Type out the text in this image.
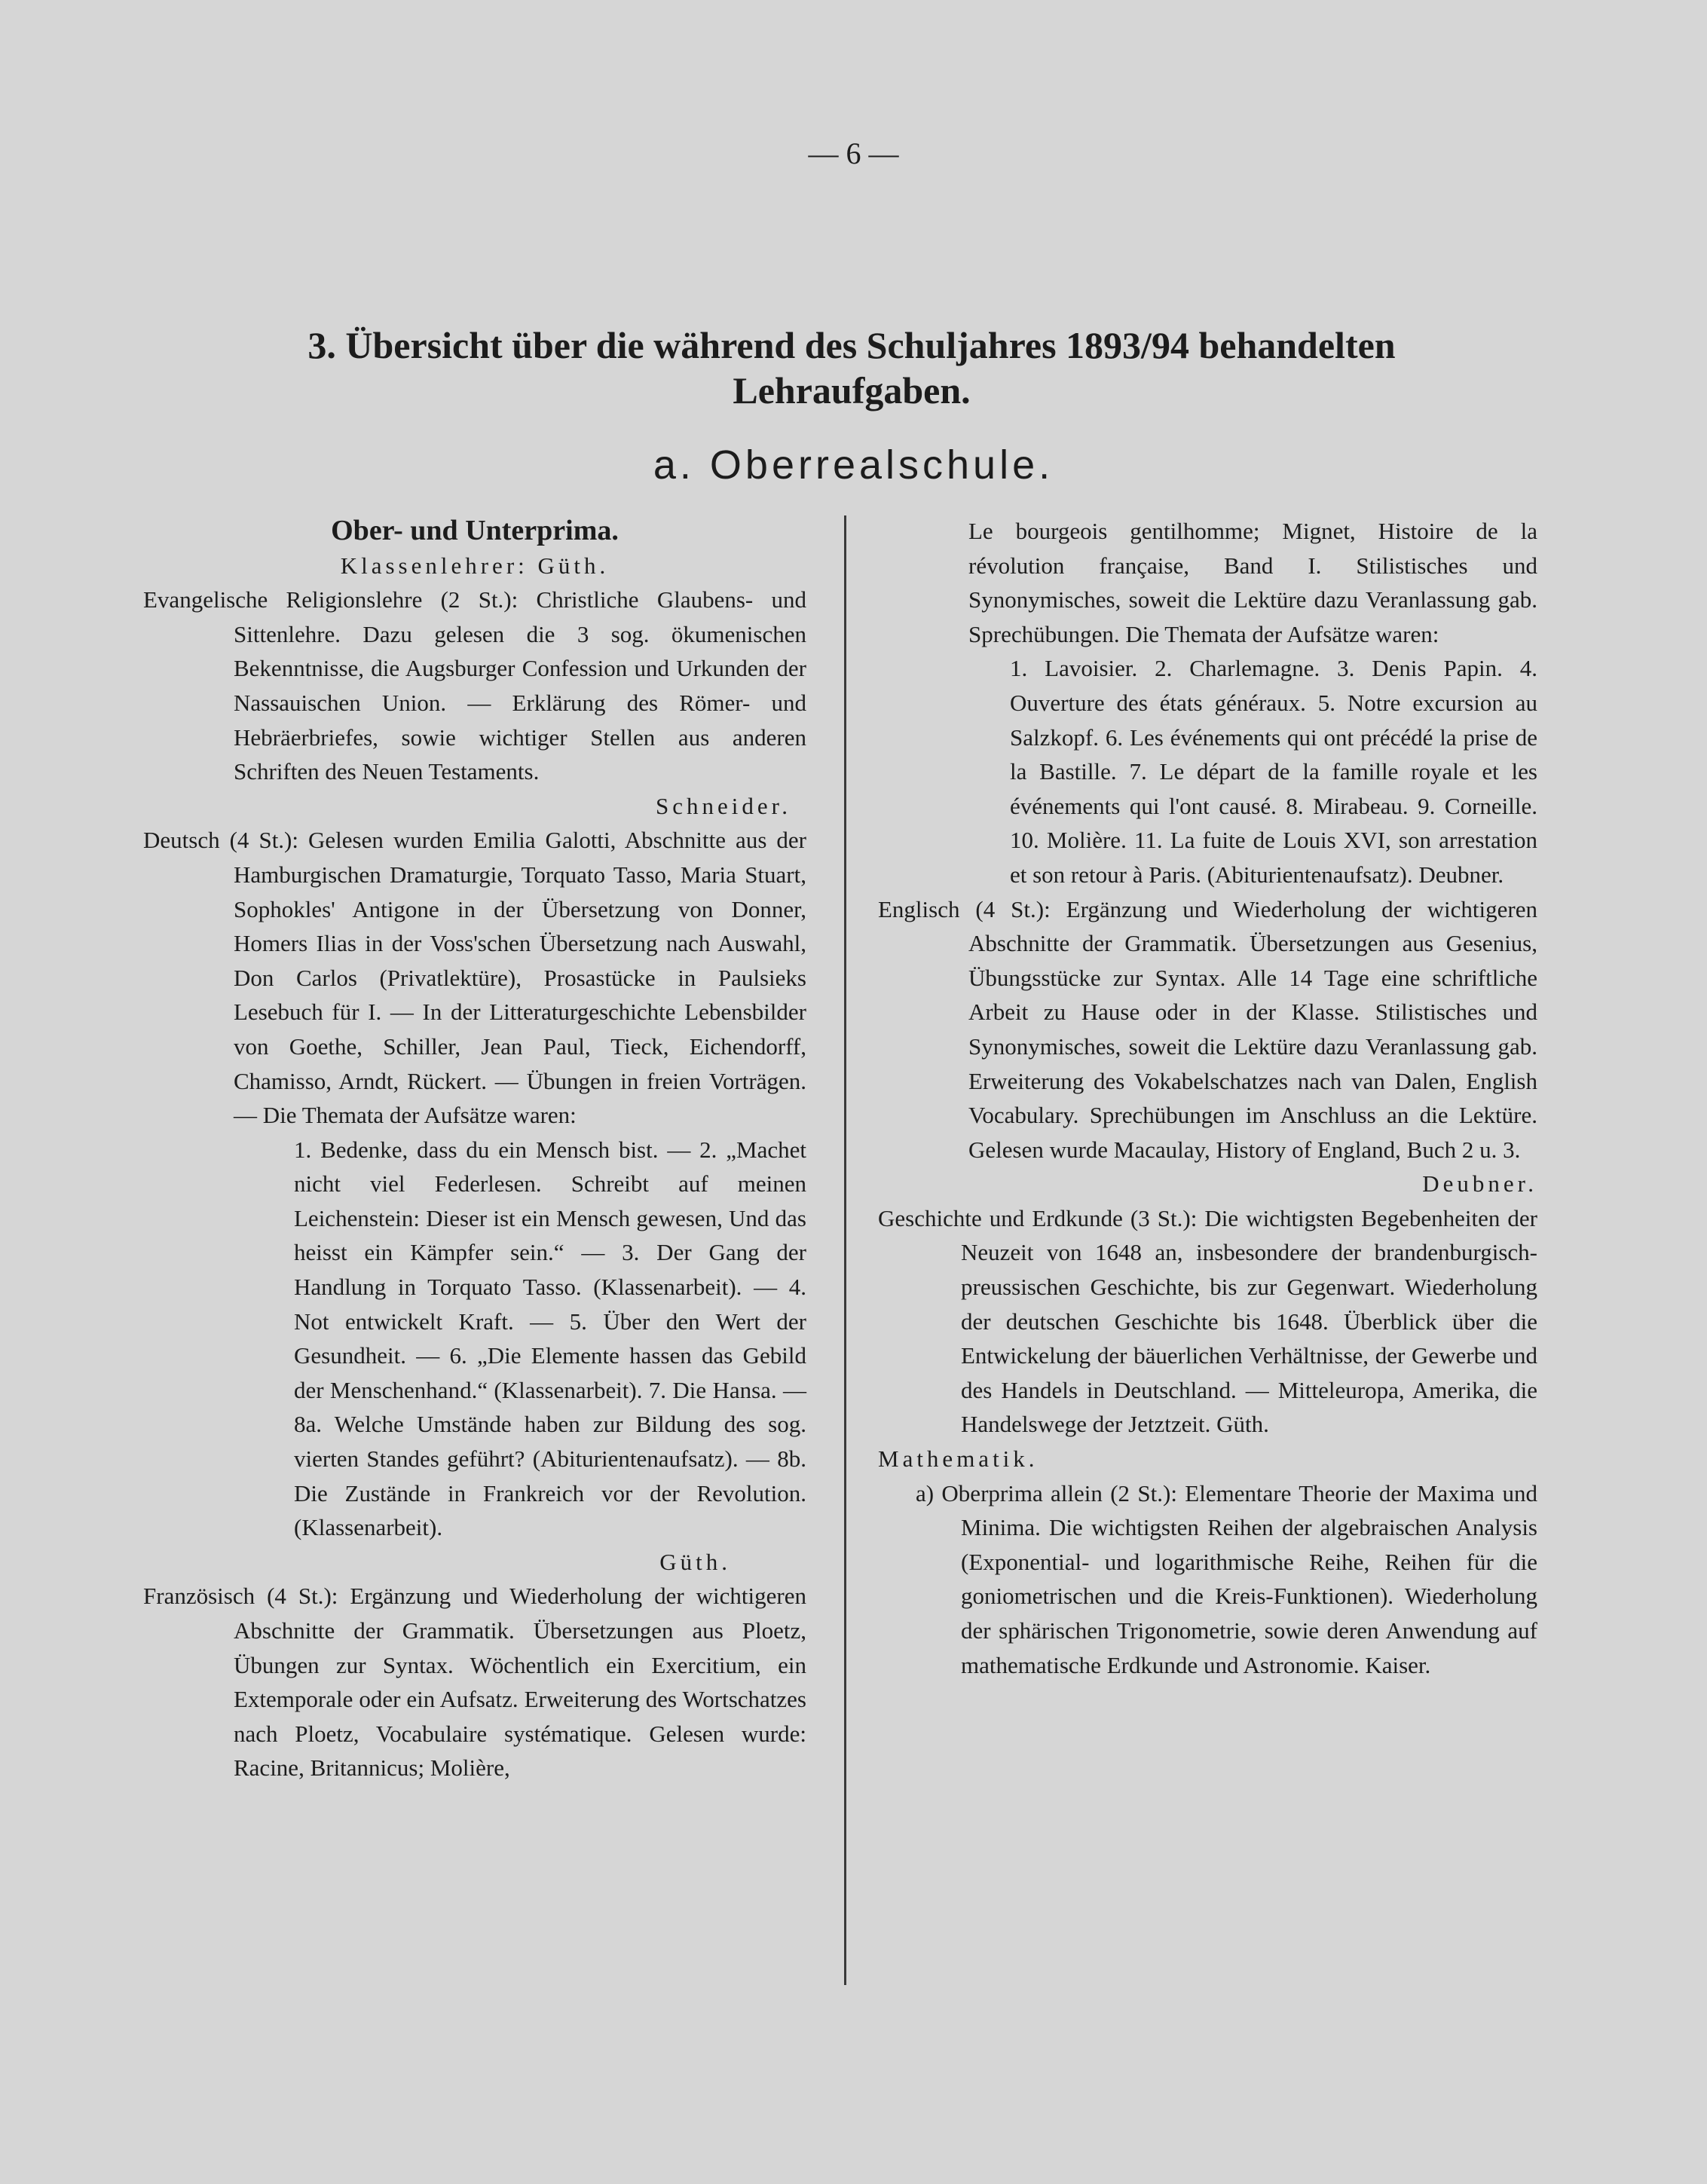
— 6 —
3. Übersicht über die während des Schuljahres 1893/94 behandelten Lehraufgaben.
a. Oberrealschule.
Ober- und Unterprima.
Klassenlehrer: Güth.
Evangelische Religionslehre (2 St.): Christliche Glaubens- und Sittenlehre. Dazu gelesen die 3 sog. ökumenischen Bekenntnisse, die Augsburger Confession und Urkunden der Nassauischen Union. — Erklärung des Römer- und Hebräerbriefes, sowie wichtiger Stellen aus anderen Schriften des Neuen Testaments.
Schneider.
Deutsch (4 St.): Gelesen wurden Emilia Galotti, Abschnitte aus der Hamburgischen Dramaturgie, Torquato Tasso, Maria Stuart, Sophokles' Antigone in der Übersetzung von Donner, Homers Ilias in der Voss'schen Übersetzung nach Auswahl, Don Carlos (Privatlektüre), Prosastücke in Paulsieks Lesebuch für I. — In der Litteraturgeschichte Lebensbilder von Goethe, Schiller, Jean Paul, Tieck, Eichendorff, Chamisso, Arndt, Rückert. — Übungen in freien Vorträgen. — Die Themata der Aufsätze waren:
1. Bedenke, dass du ein Mensch bist. — 2. „Machet nicht viel Federlesen. Schreibt auf meinen Leichenstein: Dieser ist ein Mensch gewesen, Und das heisst ein Kämpfer sein.“ — 3. Der Gang der Handlung in Torquato Tasso. (Klassenarbeit). — 4. Not entwickelt Kraft. — 5. Über den Wert der Gesundheit. — 6. „Die Elemente hassen das Gebild der Menschenhand.“ (Klassenarbeit). 7. Die Hansa. — 8a. Welche Umstände haben zur Bildung des sog. vierten Standes geführt? (Abiturientenaufsatz). — 8b. Die Zustände in Frankreich vor der Revolution. (Klassenarbeit).
Güth.
Französisch (4 St.): Ergänzung und Wiederholung der wichtigeren Abschnitte der Grammatik. Übersetzungen aus Ploetz, Übungen zur Syntax. Wöchentlich ein Exercitium, ein Extemporale oder ein Aufsatz. Erweiterung des Wortschatzes nach Ploetz, Vocabulaire systématique. Gelesen wurde: Racine, Britannicus; Molière,
Le bourgeois gentilhomme; Mignet, Histoire de la révolution française, Band I. Stilistisches und Synonymisches, soweit die Lektüre dazu Veranlassung gab. Sprechübungen. Die Themata der Aufsätze waren:
1. Lavoisier. 2. Charlemagne. 3. Denis Papin. 4. Ouverture des états généraux. 5. Notre excursion au Salzkopf. 6. Les événements qui ont précédé la prise de la Bastille. 7. Le départ de la famille royale et les événements qui l'ont causé. 8. Mirabeau. 9. Corneille. 10. Molière. 11. La fuite de Louis XVI, son arrestation et son retour à Paris. (Abiturientenaufsatz). Deubner.
Englisch (4 St.): Ergänzung und Wiederholung der wichtigeren Abschnitte der Grammatik. Übersetzungen aus Gesenius, Übungsstücke zur Syntax. Alle 14 Tage eine schriftliche Arbeit zu Hause oder in der Klasse. Stilistisches und Synonymisches, soweit die Lektüre dazu Veranlassung gab. Erweiterung des Vokabelschatzes nach van Dalen, English Vocabulary. Sprechübungen im Anschluss an die Lektüre. Gelesen wurde Macaulay, History of England, Buch 2 u. 3.
Deubner.
Geschichte und Erdkunde (3 St.): Die wichtigsten Begebenheiten der Neuzeit von 1648 an, insbesondere der brandenburgisch-preussischen Geschichte, bis zur Gegenwart. Wiederholung der deutschen Geschichte bis 1648. Überblick über die Entwickelung der bäuerlichen Verhältnisse, der Gewerbe und des Handels in Deutschland. — Mitteleuropa, Amerika, die Handelswege der Jetztzeit. Güth.
Mathematik.
a) Oberprima allein (2 St.): Elementare Theorie der Maxima und Minima. Die wichtigsten Reihen der algebraischen Analysis (Exponential- und logarithmische Reihe, Reihen für die goniometrischen und die Kreis-Funktionen). Wiederholung der sphärischen Trigonometrie, sowie deren Anwendung auf mathematische Erdkunde und Astronomie. Kaiser.
